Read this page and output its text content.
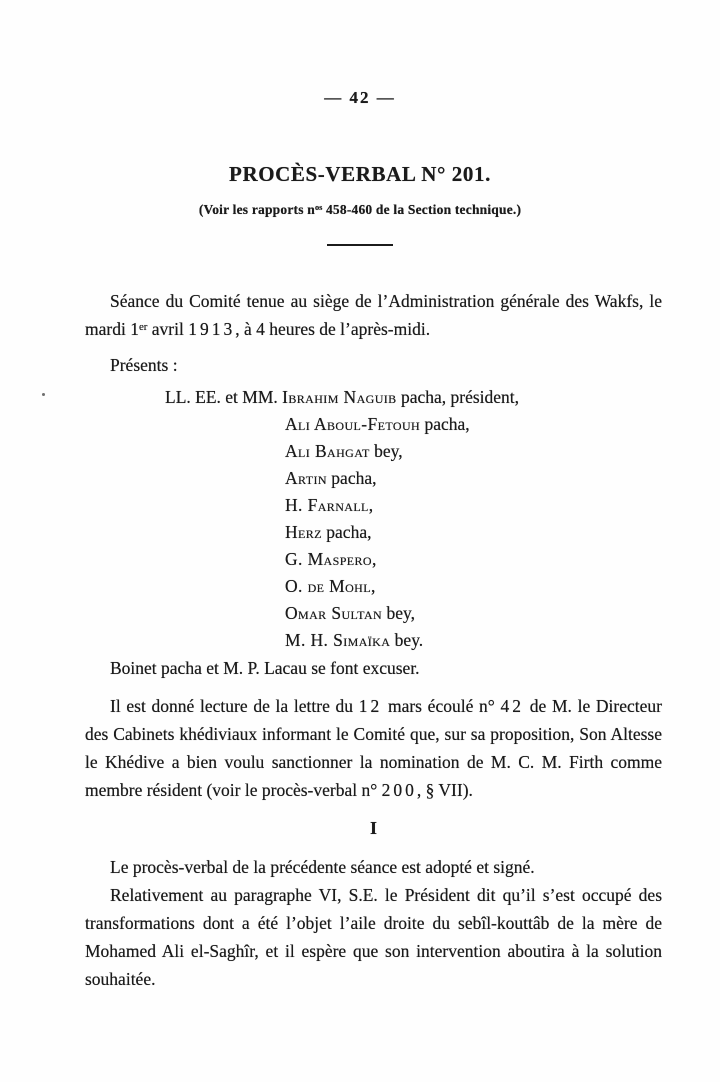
— 42 —
PROCÈS-VERBAL N° 201.
(Voir les rapports $n^{os}$ 458-460 de la Section technique.)

Séance du Comité tenue au siège de l’Administration générale des Wakfs, le mardi 1er avril 1913, à 4 heures de l’après-midi.

Présents :

LL. EE. et MM. Ibrahim Naguib pacha, président,
Ali Aboul-Fetouh pacha,
Ali Bahgat bey,
Artin pacha,
H. Farnall,
Herz pacha,
G. Maspero,
O. de Mohl,
Omar Sultan bey,
M. H. Simaïka bey.

Boinet pacha et M. P. Lacau se font excuser.

Il est donné lecture de la lettre du 12 mars écoulé n° 42 de M. le Directeur des Cabinets khédiviaux informant le Comité que, sur sa proposition, Son Altesse le Khédive a bien voulu sanctionner la nomination de M. C. M. Firth comme membre résident (voir le procès-verbal n° 200, § VII).

I

Le procès-verbal de la précédente séance est adopté et signé.

Relativement au paragraphe VI, S.E. le Président dit qu’il s’est occupé des transformations dont a été l’objet l’aile droite du sebîl-kouttâb de la mère de Mohamed Ali el-Saghîr, et il espère que son intervention aboutira à la solution souhaitée.
